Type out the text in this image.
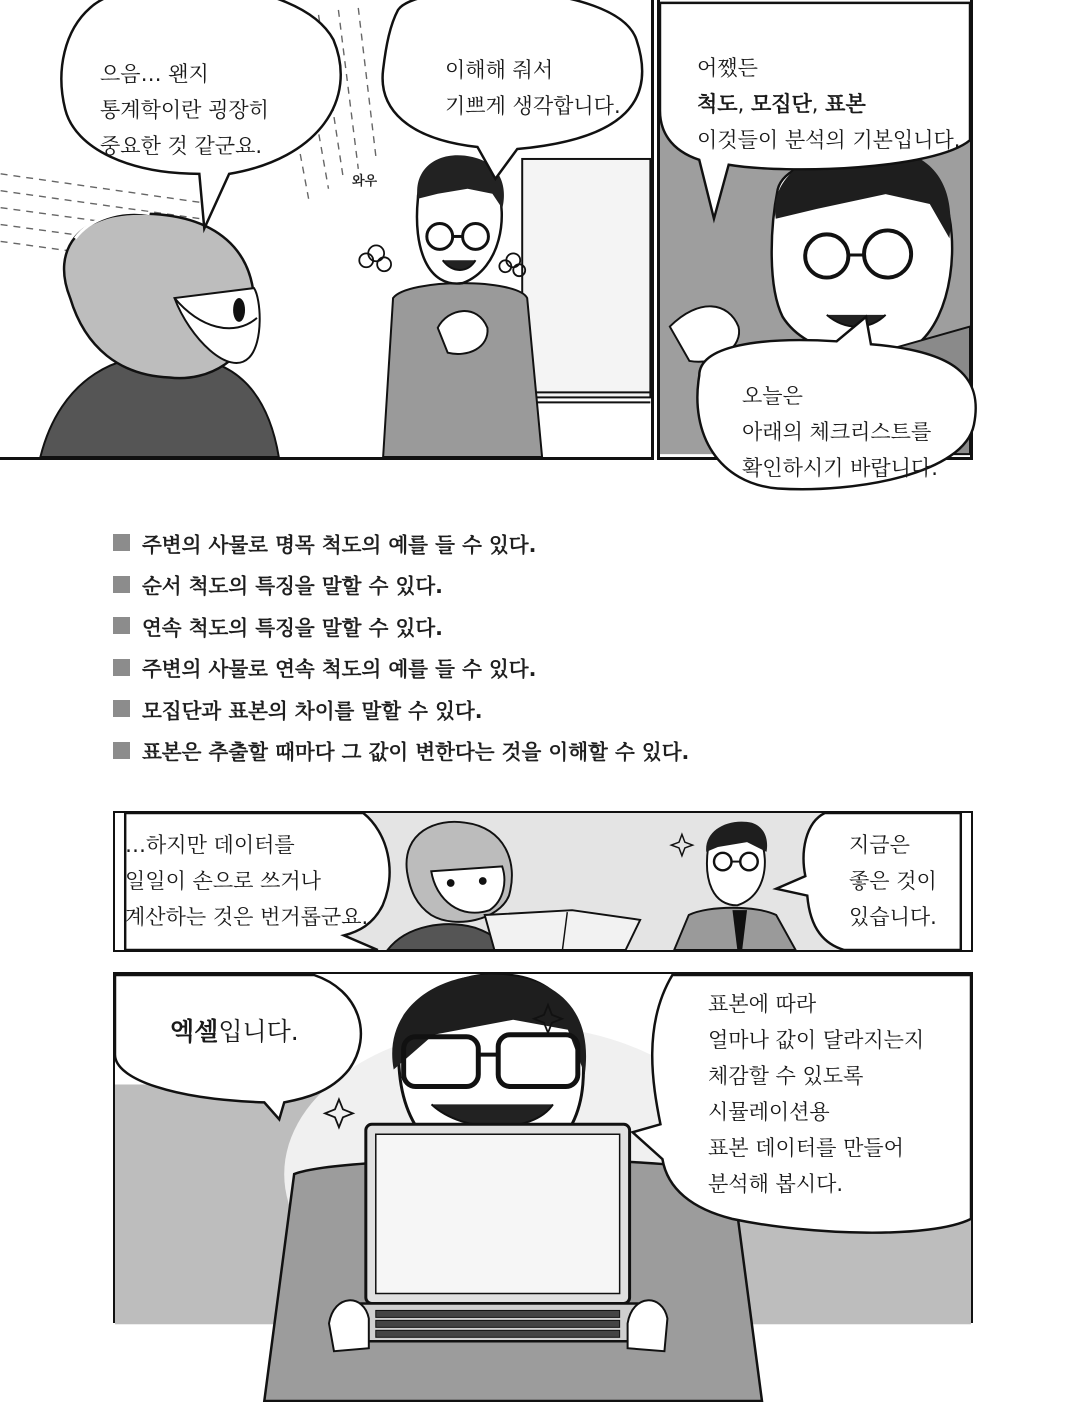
으음… 왠지
통계학이란 굉장히
중요한 것 같군요.
이해해 줘서
기쁘게 생각합니다.
와우
어쨌든
척도, 모집단, 표본
이것들이 분석의 기본입니다.
오늘은
아래의 체크리스트를
확인하시기 바랍니다.
주변의 사물로 명목 척도의 예를 들 수 있다.
순서 척도의 특징을 말할 수 있다.
연속 척도의 특징을 말할 수 있다.
주변의 사물로 연속 척도의 예를 들 수 있다.
모집단과 표본의 차이를 말할 수 있다.
표본은 추출할 때마다 그 값이 변한다는 것을 이해할 수 있다.
…하지만 데이터를
일일이 손으로 쓰거나
계산하는 것은 번거롭군요.
지금은
좋은 것이
있습니다.
엑셀입니다.
표본에 따라
얼마나 값이 달라지는지
체감할 수 있도록
시뮬레이션용
표본 데이터를 만들어
분석해 봅시다.
